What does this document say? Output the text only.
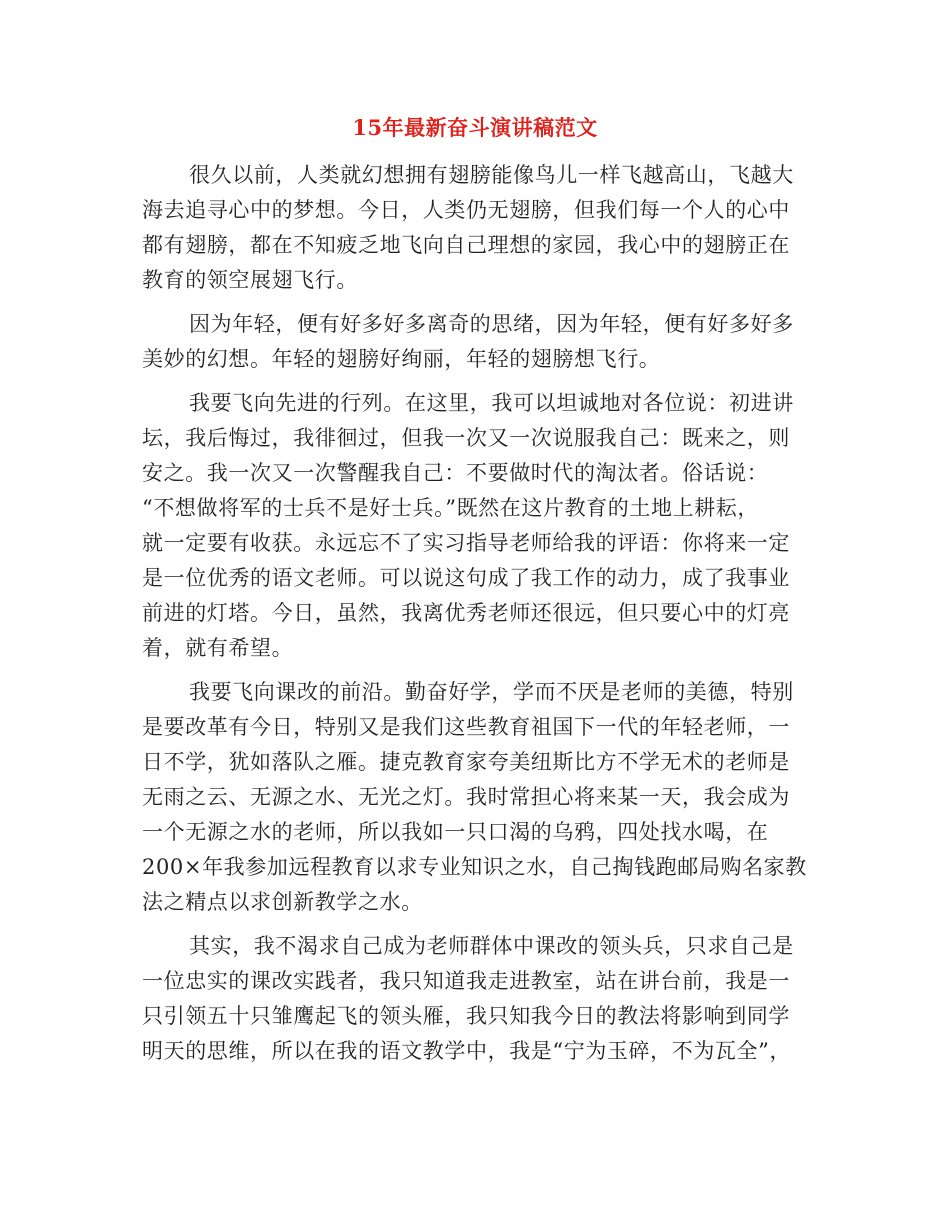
15年最新奋斗演讲稿范文
很久以前，人类就幻想拥有翅膀能像鸟儿一样飞越高山，飞越大
海去追寻心中的梦想。今日，人类仍无翅膀，但我们每一个人的心中
都有翅膀，都在不知疲乏地飞向自己理想的家园，我心中的翅膀正在
教育的领空展翅飞行。
因为年轻，便有好多好多离奇的思绪，因为年轻，便有好多好多
美妙的幻想。年轻的翅膀好绚丽，年轻的翅膀想飞行。
我要飞向先进的行列。在这里，我可以坦诚地对各位说：初进讲
坛，我后悔过，我徘徊过，但我一次又一次说服我自己：既来之，则
安之。我一次又一次警醒我自己：不要做时代的淘汰者。俗话说：
“不想做将军的士兵不是好士兵。”既然在这片教育的土地上耕耘，
就一定要有收获。永远忘不了实习指导老师给我的评语：你将来一定
是一位优秀的语文老师。可以说这句成了我工作的动力，成了我事业
前进的灯塔。今日，虽然，我离优秀老师还很远，但只要心中的灯亮
着，就有希望。
我要飞向课改的前沿。勤奋好学，学而不厌是老师的美德，特别
是要改革有今日，特别又是我们这些教育祖国下一代的年轻老师，一
日不学，犹如落队之雁。捷克教育家夸美纽斯比方不学无术的老师是
无雨之云、无源之水、无光之灯。我时常担心将来某一天，我会成为
一个无源之水的老师，所以我如一只口渴的乌鸦，四处找水喝，在
200×年我参加远程教育以求专业知识之水，自己掏钱跑邮局购名家教
法之精点以求创新教学之水。
其实，我不渴求自己成为老师群体中课改的领头兵，只求自己是
一位忠实的课改实践者，我只知道我走进教室，站在讲台前，我是一
只引领五十只雏鹰起飞的领头雁，我只知我今日的教法将影响到同学
明天的思维，所以在我的语文教学中，我是“宁为玉碎，不为瓦全”，
